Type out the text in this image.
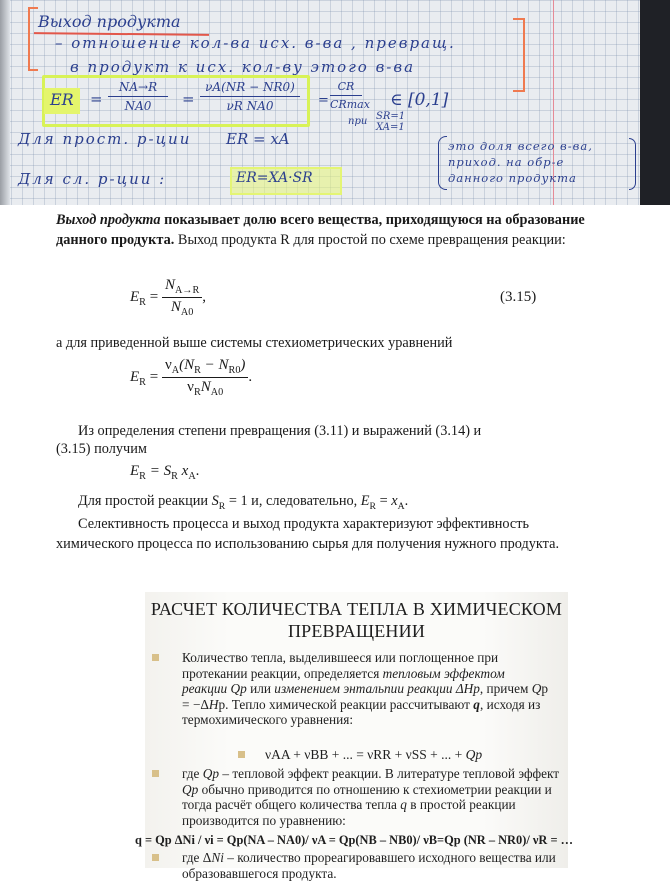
Выход продукта
– отношение кол-ва исх. в-ва , превращ.
в продукт к исх. кол-ву этого в-ва
ER = $\frac{NA\to R}{NA0} = \frac{\nu A(NR - NR0)}{\text{νR NA0}}$ =
CR
CRmax ∈ [0,1]
при SR=1
XA=1
Для прост. р-ции ER = xA
Для сл. р-ции :	ER=XA·SR
это доля всего в-ва,
приход. на обр-е
данного продукта

Выход продукта показывает долю всего вещества, приходящуюся на образование данного продукта. Выход продукта R для простой по схеме превращения реакции:

$E_R = \frac{N_{A\to R}}{N_{A0}}$ ,	(3.15)

а для приведенной выше системы стехиометрических уравнений

$E_R = \frac{\nu_A(N_R - N_{R0})}{\nu_RN_{A0}}$ .

Из определения степени превращения (3.11) и выражений (3.14) и

(3.15) получим

$E_R = S_R$ $x_A$.

Для простой реакции $S_R = 1$ и, следовательно, $E_R = x_A$.

Селективность процесса и выход продукта характеризуют эффективность химического процесса по использованию сырья для получения нужного продукта.

РАСЧЕТ КОЛИЧЕСТВА ТЕПЛА В ХИМИЧЕСКОМ
ПРЕВРАЩЕНИИ
Количество тепла, выделившееся или поглощенное при протекании реакции, определяется тепловым эффектом реакции Qр или изменением энтальпии реакции ΔНр, причем Qр = −ΔНр. Тепло химической реакции рассчитывают q, исходя из термохимического уравнения:
νAA + νBB + ... = νRR + νSS + ... + Qр
где Qр – тепловой эффект реакции. В литературе тепловой эффект Qр обычно приводится по отношению к стехиометрии реакции и тогда расчёт общего количества тепла q в простой реакции производится по уравнению:
q = Qр ΔNi / νi = Qр(NA – NA0)/ νA = Qр(NB – NB0)/ νB=Qр (NR – NR0)/ νR = …
где ΔNi – количество прореагировавшего исходного вещества или образовавшегося продукта.
